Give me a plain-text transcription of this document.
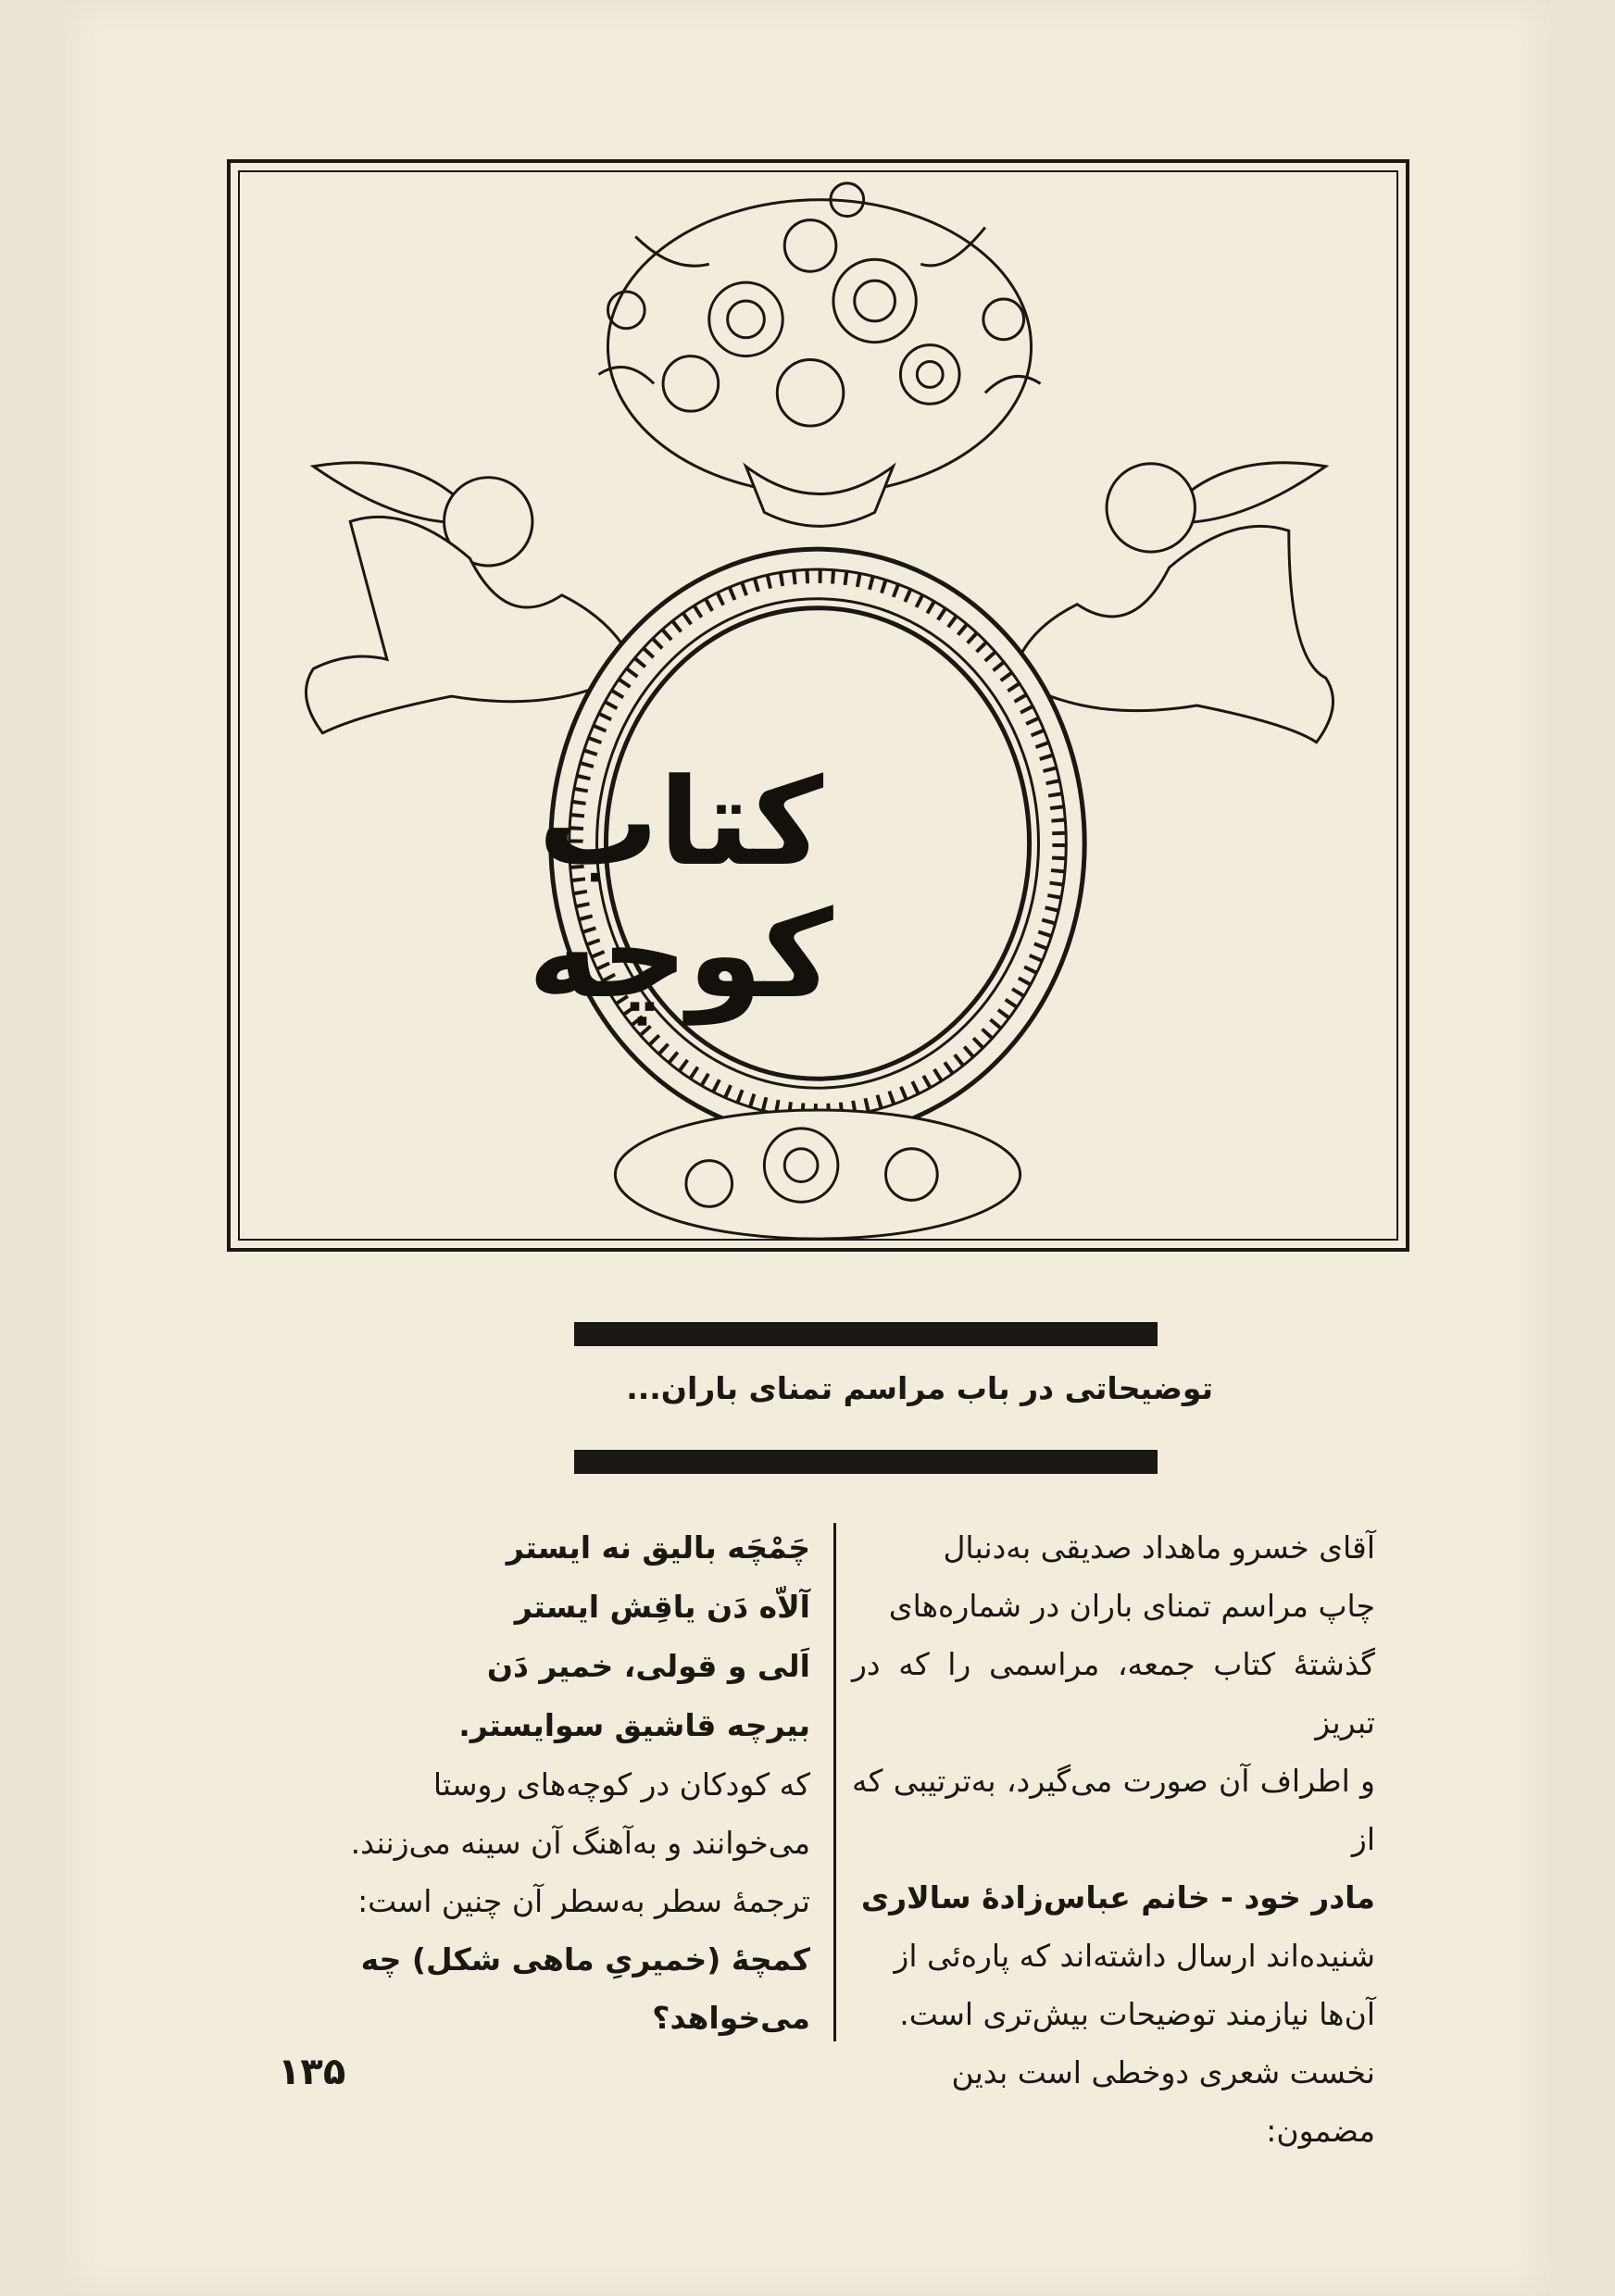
کتاب
کوچه
توضیحاتی در باب مراسم تمنای باران...

آقای خسرو ماهداد صدیقی به‌دنبال

چاپ مراسم تمنای باران در شماره‌های

گذشتهٔ کتاب جمعه، مراسمی را که در تبریز

و اطراف آن صورت می‌گیرد، به‌ترتیبی که از

مادر خود - خانم عباس‌زادهٔ سالاری

شنیده‌اند ارسال داشته‌اند که پاره‌ئی از

آن‌ها نیازمند توضیحات بیش‌تری است.

نخست شعری دوخطی است بدین

مضمون:

چَمْچَه بالیق نه ایستر

آلاّه دَن یاقِش ایستر

اَلی و قولی، خمیر دَن

بیرچه قاشیق سوایستر.

که کودکان در کوچه‌های روستا

می‌خوانند و به‌آهنگ آن سینه می‌زنند.

ترجمهٔ سطر به‌سطر آن چنین است:

کمچهٔ (خمیریِ ماهی شکل) چه

می‌خواهد؟

۱۳۵
